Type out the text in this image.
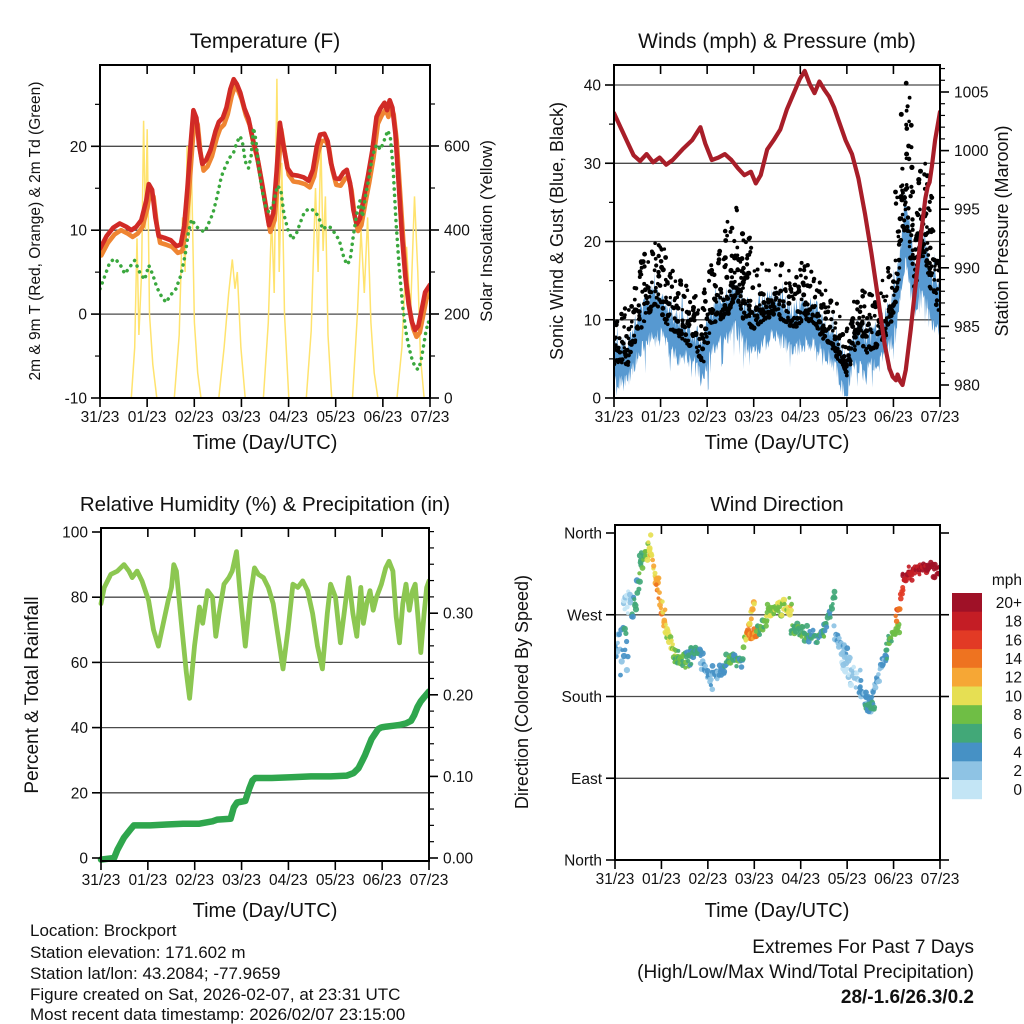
31/23 01/23 02/23 03/23 04/23 05/23 06/23 07/23
-10
0
10
20
0
200
400
600
Temperature (F)
2m & 9m T (Red, Orange) & 2m Td (Green)	Solar Insolation (Yellow)
Time (Day/UTC)
31/23 01/23 02/23 03/23 04/23 05/23 06/23 07/23
0
10
20
30
40
980
985
990
995
1000
1005
Winds (mph) & Pressure (mb)
Sonic Wind & Gust (Blue, Black)	Station Pressure (Maroon)
Time (Day/UTC)
31/23 01/23 02/23 03/23 04/23 05/23 06/23 07/23
0
20
40
60
80
100
0.00
0.10
0.20
0.30
Relative Humidity (%) & Precipitation (in)
Percent & Total Rainfall
Time (Day/UTC)
31/23 01/23 02/23 03/23 04/23 05/23 06/23 07/23
North
West
South
East
North
Wind Direction
Direction (Colored By Speed)
Time (Day/UTC)
20+
18
16
14
12
10
8
6
4
2
0
mph
Location: Brockport
Station elevation: 171.602 m
Station lat/lon: 43.2084; -77.9659
Figure created on Sat, 2026-02-07, at 23:31 UTC
Most recent data timestamp: 2026/02/07 23:15:00
Extremes For Past 7 Days
(High/Low/Max Wind/Total Precipitation)
28/-1.6/26.3/0.2
